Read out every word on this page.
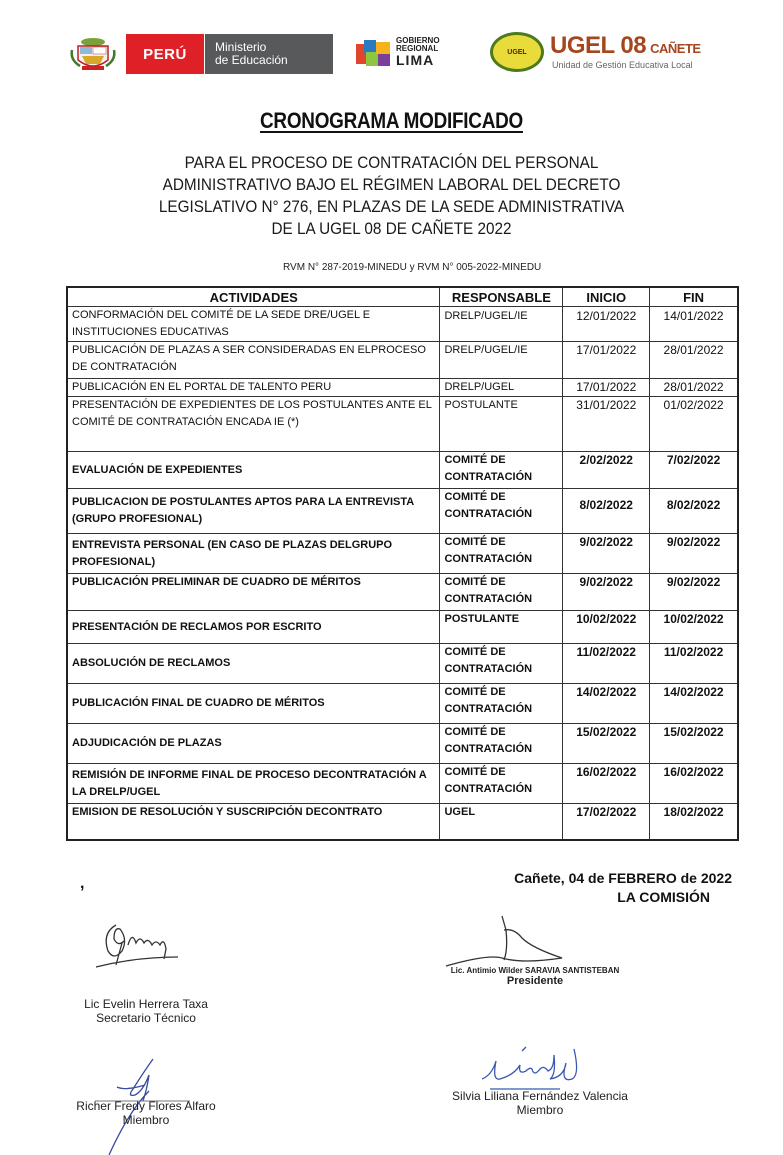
PERÚ	Ministerio
de Educación
GOBIERNO
REGIONAL
LIMA	UGEL UGEL 08 CAÑETE
Unidad de Gestión Educativa Local
CRONOGRAMA MODIFICADO
PARA EL PROCESO DE CONTRATACIÓN DEL PERSONAL
ADMINISTRATIVO BAJO EL RÉGIMEN LABORAL DEL DECRETO
LEGISLATIVO N° 276, EN PLAZAS DE LA SEDE ADMINISTRATIVA
DE LA UGEL 08 DE CAÑETE 2022
RVM N° 287-2019-MINEDU y RVM N° 005-2022-MINEDU
ACTIVIDADES	RESPONSABLE	INICIO	FIN
CONFORMACIÓN DEL COMITÉ DE LA SEDE DRE/UGEL E INSTITUCIONES EDUCATIVAS	DRELP/UGEL/IE	12/01/2022	14/01/2022
PUBLICACIÓN DE PLAZAS A SER CONSIDERADAS EN ELPROCESO DE CONTRATACIÓN	DRELP/UGEL/IE	17/01/2022	28/01/2022
PUBLICACIÓN EN EL PORTAL DE TALENTO PERU	DRELP/UGEL	17/01/2022	28/01/2022
PRESENTACIÓN DE EXPEDIENTES DE LOS POSTULANTES ANTE EL COMITÉ DE CONTRATACIÓN ENCADA IE (*)	POSTULANTE	31/01/2022	01/02/2022
EVALUACIÓN DE EXPEDIENTES	COMITÉ DE CONTRATACIÓN	2/02/2022	7/02/2022
PUBLICACION DE POSTULANTES APTOS PARA LA ENTREVISTA (GRUPO PROFESIONAL)	COMITÉ DE CONTRATACIÓN	8/02/2022	8/02/2022
ENTREVISTA PERSONAL (EN CASO DE PLAZAS DELGRUPO PROFESIONAL)	COMITÉ DE CONTRATACIÓN	9/02/2022	9/02/2022
PUBLICACIÓN PRELIMINAR DE CUADRO DE MÉRITOS	COMITÉ DE CONTRATACIÓN	9/02/2022	9/02/2022
PRESENTACIÓN DE RECLAMOS POR ESCRITO	POSTULANTE	10/02/2022	10/02/2022
ABSOLUCIÓN DE RECLAMOS	COMITÉ DE CONTRATACIÓN	11/02/2022	11/02/2022
PUBLICACIÓN FINAL DE CUADRO DE MÉRITOS	COMITÉ DE CONTRATACIÓN	14/02/2022	14/02/2022
ADJUDICACIÓN DE PLAZAS	COMITÉ DE CONTRATACIÓN	15/02/2022	15/02/2022
REMISIÓN DE INFORME FINAL DE PROCESO DECONTRATACIÓN A LA DRELP/UGEL	COMITÉ DE CONTRATACIÓN	16/02/2022	16/02/2022
EMISION DE RESOLUCIÓN Y SUSCRIPCIÓN DECONTRATO	UGEL	17/02/2022	18/02/2022
,	Cañete, 04 de FEBRERO de 2022
LA COMISIÓN
Lic Evelin Herrera Taxa
Secretario Técnico
Lic. Antimio Wilder SARAVIA SANTISTEBAN
Presidente
Richer Fredy Flores Alfaro
Miembro
Silvia Liliana Fernández Valencia
Miembro
